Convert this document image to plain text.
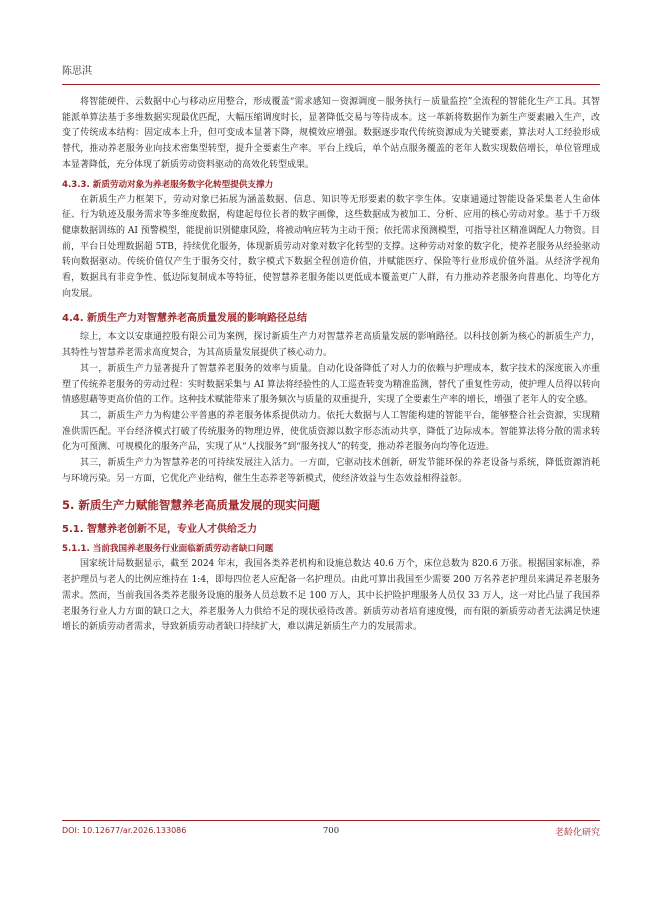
陈思淇

将智能硬件、云数据中心与移动应用整合，形成覆盖“需求感知－资源调度－服务执行－质量监控”全流程的智能化生产工具。其智能派单算法基于多维数据实现最优匹配，大幅压缩调度时长，显著降低交易与等待成本。这一革新将数据作为新生产要素融入生产，改变了传统成本结构：固定成本上升，但可变成本显著下降，规模效应增强。数据逐步取代传统资源成为关键要素，算法对人工经验形成替代，推动养老服务业向技术密集型转型，提升全要素生产率。平台上线后，单个站点服务覆盖的老年人数实现数倍增长，单位管理成本显著降低，充分体现了新质劳动资料驱动的高效化转型成果。

4.3.3. 新质劳动对象为养老服务数字化转型提供支撑力

在新质生产力框架下，劳动对象已拓展为涵盖数据、信息、知识等无形要素的数字孪生体。安康通通过智能设备采集老人生命体征、行为轨迹及服务需求等多维度数据，构建起每位长者的数字画像，这些数据成为被加工、分析、应用的核心劳动对象。基于千万级健康数据训练的 AI 预警模型，能提前识别健康风险，将被动响应转为主动干预；依托需求预测模型，可指导社区精准调配人力物资。目前，平台日处理数据超 5TB，持续优化服务，体现新质劳动对象对数字化转型的支撑。这种劳动对象的数字化，使养老服务从经验驱动转向数据驱动。传统价值仅产生于服务交付，数字模式下数据全程创造价值，并赋能医疗、保险等行业形成价值外溢。从经济学视角看，数据具有非竞争性、低边际复制成本等特征，使智慧养老服务能以更低成本覆盖更广人群，有力推动养老服务向普惠化、均等化方向发展。

4.4. 新质生产力对智慧养老高质量发展的影响路径总结

综上，本文以安康通控股有限公司为案例，探讨新质生产力对智慧养老高质量发展的影响路径。以科技创新为核心的新质生产力，其特性与智慧养老需求高度契合，为其高质量发展提供了核心动力。

其一，新质生产力显著提升了智慧养老服务的效率与质量。自动化设备降低了对人力的依赖与护理成本，数字技术的深度嵌入亦重塑了传统养老服务的劳动过程：实时数据采集与 AI 算法将经验性的人工巡查转变为精准监测，替代了重复性劳动，使护理人员得以转向情感慰藉等更高价值的工作。这种技术赋能带来了服务频次与质量的双重提升，实现了全要素生产率的增长，增强了老年人的安全感。

其二，新质生产力为构建公平普惠的养老服务体系提供动力。依托大数据与人工智能构建的智能平台，能够整合社会资源，实现精准供需匹配。平台经济模式打破了传统服务的物理边界，使优质资源以数字形态流动共享，降低了边际成本。智能算法将分散的需求转化为可预测、可规模化的服务产品，实现了从“人找服务”到“服务找人”的转变，推动养老服务向均等化迈进。

其三，新质生产力为智慧养老的可持续发展注入活力。一方面，它驱动技术创新，研发节能环保的养老设备与系统，降低资源消耗与环境污染。另一方面，它优化产业结构，催生生态养老等新模式，使经济效益与生态效益相得益彰。

5. 新质生产力赋能智慧养老高质量发展的现实问题
5.1. 智慧养老创新不足，专业人才供给乏力
5.1.1. 当前我国养老服务行业面临新质劳动者缺口问题

国家统计局数据显示，截至 2024 年末，我国各类养老机构和设施总数达 40.6 万个，床位总数为 820.6 万张。根据国家标准，养老护理员与老人的比例应维持在 1:4，即每四位老人应配备一名护理员。由此可算出我国至少需要 200 万名养老护理员来满足养老服务需求。然而，当前我国各类养老服务设施的服务人员总数不足 100 万人，其中长护险护理服务人员仅 33 万人，这一对比凸显了我国养老服务行业人力方面的缺口之大，养老服务人力供给不足的现状亟待改善。新质劳动者培育速度慢，而有限的新质劳动者无法满足快速增长的新质劳动者需求，导致新质劳动者缺口持续扩大，难以满足新质生产力的发展需求。

DOI: 10.12677/ar.2026.133086	700	老龄化研究
